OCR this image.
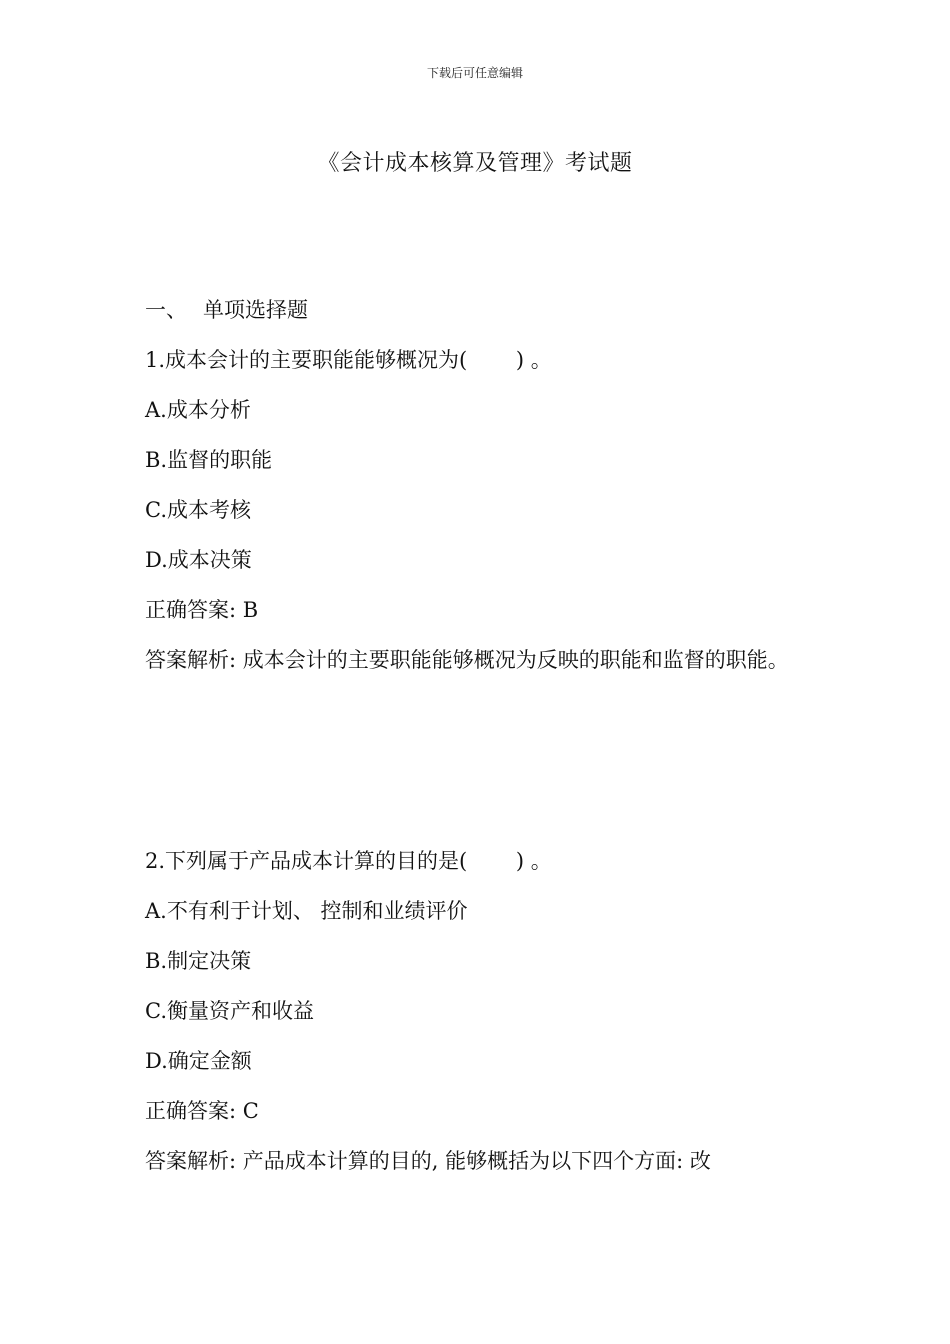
下载后可任意编辑
《会计成本核算及管理》考试题
一、 单项选择题
1.成本会计的主要职能能够概况为(　　 ) 。
A.成本分析
B.监督的职能
C.成本考核
D.成本决策
正确答案: B
答案解析: 成本会计的主要职能能够概况为反映的职能和监督的职能。
2.下列属于产品成本计算的目的是(　　 ) 。
A.不有利于计划、 控制和业绩评价
B.制定决策
C.衡量资产和收益
D.确定金额
正确答案: C
答案解析: 产品成本计算的目的, 能够概括为以下四个方面: 改
